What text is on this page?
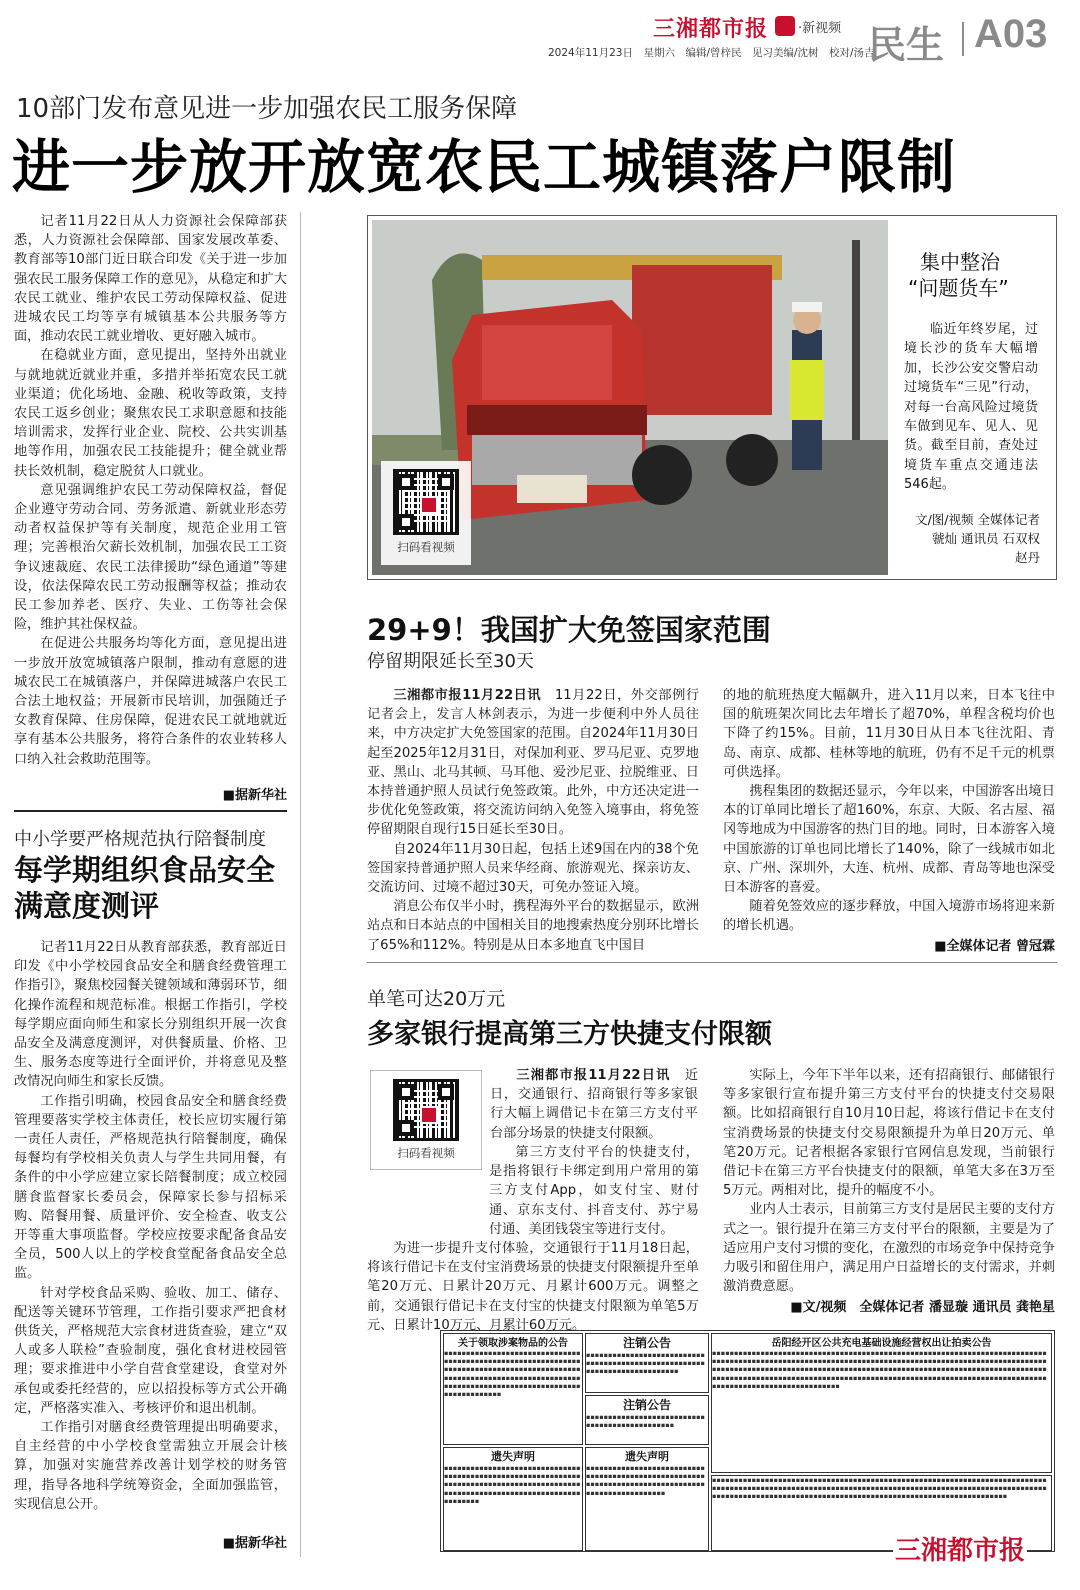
三湘都市报 ·新视频
2024年11月23日　星期六　编辑/曾梓民　见习美编/沈树　校对/汤吉
民生 A03
10部门发布意见进一步加强农民工服务保障
进一步放开放宽农民工城镇落户限制

记者11月22日从人力资源社会保障部获悉，人力资源社会保障部、国家发展改革委、教育部等10部门近日联合印发《关于进一步加强农民工服务保障工作的意见》，从稳定和扩大农民工就业、维护农民工劳动保障权益、促进进城农民工均等享有城镇基本公共服务等方面，推动农民工就业增收、更好融入城市。

在稳就业方面，意见提出，坚持外出就业与就地就近就业并重，多措并举拓宽农民工就业渠道；优化场地、金融、税收等政策，支持农民工返乡创业；聚焦农民工求职意愿和技能培训需求，发挥行业企业、院校、公共实训基地等作用，加强农民工技能提升；健全就业帮扶长效机制，稳定脱贫人口就业。

意见强调维护农民工劳动保障权益，督促企业遵守劳动合同、劳务派遣、新就业形态劳动者权益保护等有关制度，规范企业用工管理；完善根治欠薪长效机制，加强农民工工资争议速裁庭、农民工法律援助“绿色通道”等建设，依法保障农民工劳动报酬等权益；推动农民工参加养老、医疗、失业、工伤等社会保险，维护其社保权益。

在促进公共服务均等化方面，意见提出进一步放开放宽城镇落户限制，推动有意愿的进城农民工在城镇落户，并保障进城落户农民工合法土地权益；开展新市民培训，加强随迁子女教育保障、住房保障，促进农民工就地就近享有基本公共服务，将符合条件的农业转移人口纳入社会救助范围等。

■据新华社
中小学要严格规范执行陪餐制度
每学期组织食品安全
满意度测评

记者11月22日从教育部获悉，教育部近日印发《中小学校园食品安全和膳食经费管理工作指引》，聚焦校园餐关键领域和薄弱环节，细化操作流程和规范标准。根据工作指引，学校每学期应面向师生和家长分别组织开展一次食品安全及满意度测评，对供餐质量、价格、卫生、服务态度等进行全面评价，并将意见及整改情况向师生和家长反馈。

工作指引明确，校园食品安全和膳食经费管理要落实学校主体责任，校长应切实履行第一责任人责任，严格规范执行陪餐制度，确保每餐均有学校相关负责人与学生共同用餐，有条件的中小学应建立家长陪餐制度；成立校园膳食监督家长委员会，保障家长参与招标采购、陪餐用餐、质量评价、安全检查、收支公开等重大事项监督。学校应按要求配备食品安全员，500人以上的学校食堂配备食品安全总监。

针对学校食品采购、验收、加工、储存、配送等关键环节管理，工作指引要求严把食材供货关，严格规范大宗食材进货查验，建立“双人或多人联检”查验制度，强化食材进校园管理；要求推进中小学自营食堂建设，食堂对外承包或委托经营的，应以招投标等方式公开确定，严格落实准入、考核评价和退出机制。

工作指引对膳食经费管理提出明确要求，自主经营的中小学校食堂需独立开展会计核算，加强对实施营养改善计划学校的财务管理，指导各地科学统筹资金，全面加强监管，实现信息公开。

■据新华社
扫码看视频
集中整治
“问题货车”
临近年终岁尾，过境长沙的货车大幅增加，长沙公安交警启动过境货车“三见”行动，对每一台高风险过境货车做到见车、见人、见货。截至目前，查处过境货车重点交通违法546起。
文/图/视频 全媒体记者
虢灿 通讯员 石双权
赵丹
29+9！我国扩大免签国家范围
停留期限延长至30天

三湘都市报11月22日讯　 11月22日，外交部例行记者会上，发言人林剑表示，为进一步便利中外人员往来，中方决定扩大免签国家的范围。自2024年11月30日起至2025年12月31日，对保加利亚、罗马尼亚、克罗地亚、黑山、北马其顿、马耳他、爱沙尼亚、拉脱维亚、日本持普通护照人员试行免签政策。此外，中方还决定进一步优化免签政策，将交流访问纳入免签入境事由，将免签停留期限自现行15日延长至30日。

自2024年11月30日起，包括上述9国在内的38个免签国家持普通护照人员来华经商、旅游观光、探亲访友、交流访问、过境不超过30天，可免办签证入境。

消息公布仅半小时，携程海外平台的数据显示，欧洲站点和日本站点的中国相关目的地搜索热度分别环比增长了65%和112%。特别是从日本多地直飞中国目

的地的航班热度大幅飙升，进入11月以来，日本飞往中国的航班架次同比去年增长了超70%，单程含税均价也下降了约15%。目前，11月30日从日本飞往沈阳、青岛、南京、成都、桂林等地的航班，仍有不足千元的机票可供选择。

携程集团的数据还显示，今年以来，中国游客出境日本的订单同比增长了超160%，东京、大阪、名古屋、福冈等地成为中国游客的热门目的地。同时，日本游客入境中国旅游的订单也同比增长了140%，除了一线城市如北京、广州、深圳外，大连、杭州、成都、青岛等地也深受日本游客的喜爱。

随着免签效应的逐步释放，中国入境游市场将迎来新的增长机遇。

■全媒体记者 曾冠霖
单笔可达20万元
多家银行提高第三方快捷支付限额
扫码看视频

三湘都市报11月22日讯　 近日，交通银行、招商银行等多家银行大幅上调借记卡在第三方支付平台部分场景的快捷支付限额。

第三方支付平台的快捷支付，是指将银行卡绑定到用户常用的第三方支付App，如支付宝、财付通、京东支付、抖音支付、苏宁易付通、美团钱袋宝等进行支付。

为进一步提升支付体验，交通银行于11月18日起，将该行借记卡在支付宝消费场景的快捷支付限额提升至单笔20万元、日累计20万元、月累计600万元。调整之前，交通银行借记卡在支付宝的快捷支付限额为单笔5万元、日累计10万元、月累计60万元。

实际上，今年下半年以来，还有招商银行、邮储银行等多家银行宣布提升第三方支付平台的快捷支付交易限额。比如招商银行自10月10日起，将该行借记卡在支付宝消费场景的快捷支付交易限额提升为单日20万元、单笔20万元。记者根据各家银行官网信息发现，当前银行借记卡在第三方平台快捷支付的限额，单笔大多在3万至5万元。两相对比，提升的幅度不小。

业内人士表示，目前第三方支付是居民主要的支付方式之一。银行提升在第三方支付平台的限额，主要是为了适应用户支付习惯的变化，在激烈的市场竞争中保持竞争力吸引和留住用户，满足用户日益增长的支付需求，并刺激消费意愿。

■文/视频　全媒体记者 潘显璇 通讯员 龚艳星
关于领取涉案物品的公告
▪▪▪▪▪▪▪▪▪▪▪▪▪▪▪▪▪▪▪▪▪▪▪▪▪▪▪▪▪▪▪▪▪▪▪▪▪▪▪▪▪▪▪▪▪▪▪▪▪▪▪▪▪▪▪▪▪▪▪▪▪▪▪▪▪▪▪▪▪▪▪▪▪▪▪▪▪▪▪▪▪▪▪▪▪▪▪▪▪▪▪▪▪▪▪▪▪▪▪▪▪▪▪▪▪▪▪▪▪▪▪▪▪▪▪▪▪▪▪▪▪▪▪▪▪▪▪▪▪▪▪▪▪▪▪▪▪▪▪▪▪▪▪▪▪▪▪▪▪▪▪▪▪▪▪▪▪▪▪▪▪▪▪▪▪▪▪▪
注销公告
▪▪▪▪▪▪▪▪▪▪▪▪▪▪▪▪▪▪▪▪▪▪▪▪▪▪▪▪▪▪▪▪▪▪▪▪▪▪▪▪▪▪▪▪▪▪▪▪▪▪▪▪▪▪▪▪▪▪▪▪▪▪▪▪▪▪▪▪▪▪▪▪▪▪▪
注销公告
▪▪▪▪▪▪▪▪▪▪▪▪▪▪▪▪▪▪▪▪▪▪▪▪▪▪▪▪▪▪▪▪▪▪▪▪▪▪▪▪▪▪▪▪▪▪▪
遗失声明
▪▪▪▪▪▪▪▪▪▪▪▪▪▪▪▪▪▪▪▪▪▪▪▪▪▪▪▪▪▪▪▪▪▪▪▪▪▪▪▪▪▪▪▪▪▪▪▪▪▪▪▪▪▪▪▪▪▪▪▪▪▪▪▪▪▪▪▪▪▪▪▪▪▪▪▪▪▪▪▪▪▪▪▪▪▪▪▪▪▪▪▪▪▪▪▪▪▪▪▪▪▪▪▪▪▪▪▪▪▪▪▪▪▪▪▪▪▪▪▪▪▪▪▪▪▪▪▪▪▪▪▪
遗失声明
▪▪▪▪▪▪▪▪▪▪▪▪▪▪▪▪▪▪▪▪▪▪▪▪▪▪▪▪▪▪▪▪▪▪▪▪▪▪▪▪▪▪▪▪▪▪▪▪▪▪▪▪▪▪▪▪▪▪▪▪▪▪▪▪▪▪▪▪▪▪▪▪▪▪▪▪▪▪▪▪▪▪▪▪▪▪▪▪▪▪▪▪▪▪▪▪▪▪▪
岳阳经开区公共充电基础设施经营权出让拍卖公告
▪▪▪▪▪▪▪▪▪▪▪▪▪▪▪▪▪▪▪▪▪▪▪▪▪▪▪▪▪▪▪▪▪▪▪▪▪▪▪▪▪▪▪▪▪▪▪▪▪▪▪▪▪▪▪▪▪▪▪▪▪▪▪▪▪▪▪▪▪▪▪▪▪▪▪▪▪▪▪▪▪▪▪▪▪▪▪▪▪▪▪▪▪▪▪▪▪▪▪▪▪▪▪▪▪▪▪▪▪▪▪▪▪▪▪▪▪▪▪▪▪▪▪▪▪▪▪▪▪▪▪▪▪▪▪▪▪▪▪▪▪▪▪▪▪▪▪▪▪▪▪▪▪▪▪▪▪▪▪▪▪▪▪▪▪▪▪▪▪▪▪▪▪▪▪▪▪▪▪▪▪▪▪▪▪▪▪▪▪▪▪▪▪▪▪▪▪▪▪▪▪▪▪▪▪▪▪▪▪▪▪▪▪▪▪▪▪▪▪▪▪▪▪▪▪▪▪▪▪▪▪▪▪▪▪▪▪▪▪▪▪▪▪▪▪▪▪▪▪▪▪▪▪▪▪▪▪▪▪▪▪▪▪▪▪▪▪▪▪▪▪▪▪▪▪▪▪▪▪▪▪▪▪▪▪▪▪▪▪▪▪▪▪▪▪▪▪▪▪▪▪▪▪▪▪▪▪▪▪▪▪▪▪▪▪▪▪▪▪▪▪▪▪▪▪▪▪▪▪▪▪▪▪
▪▪▪▪▪▪▪▪▪▪▪▪▪▪▪▪▪▪▪▪▪▪▪▪▪▪▪▪▪▪▪▪▪▪▪▪▪▪▪▪▪▪▪▪▪▪▪▪▪▪▪▪▪▪▪▪▪▪▪▪▪▪▪▪▪▪▪▪▪▪▪▪▪▪▪▪▪▪▪▪▪▪▪▪▪▪▪▪▪▪▪▪▪▪▪▪▪▪▪▪▪▪▪▪▪▪▪▪▪▪▪▪▪▪▪▪▪▪▪▪▪▪▪▪▪▪▪▪▪▪▪▪▪▪▪▪▪▪▪▪▪▪▪▪▪▪▪▪▪▪▪▪▪▪▪▪▪▪▪▪▪▪▪▪▪▪▪▪▪▪▪▪▪▪▪▪▪▪▪▪▪▪▪▪▪▪▪▪▪▪▪▪▪▪▪▪▪▪▪▪▪▪▪▪▪▪▪▪▪▪▪▪▪▪▪▪▪▪▪
三湘都市报
